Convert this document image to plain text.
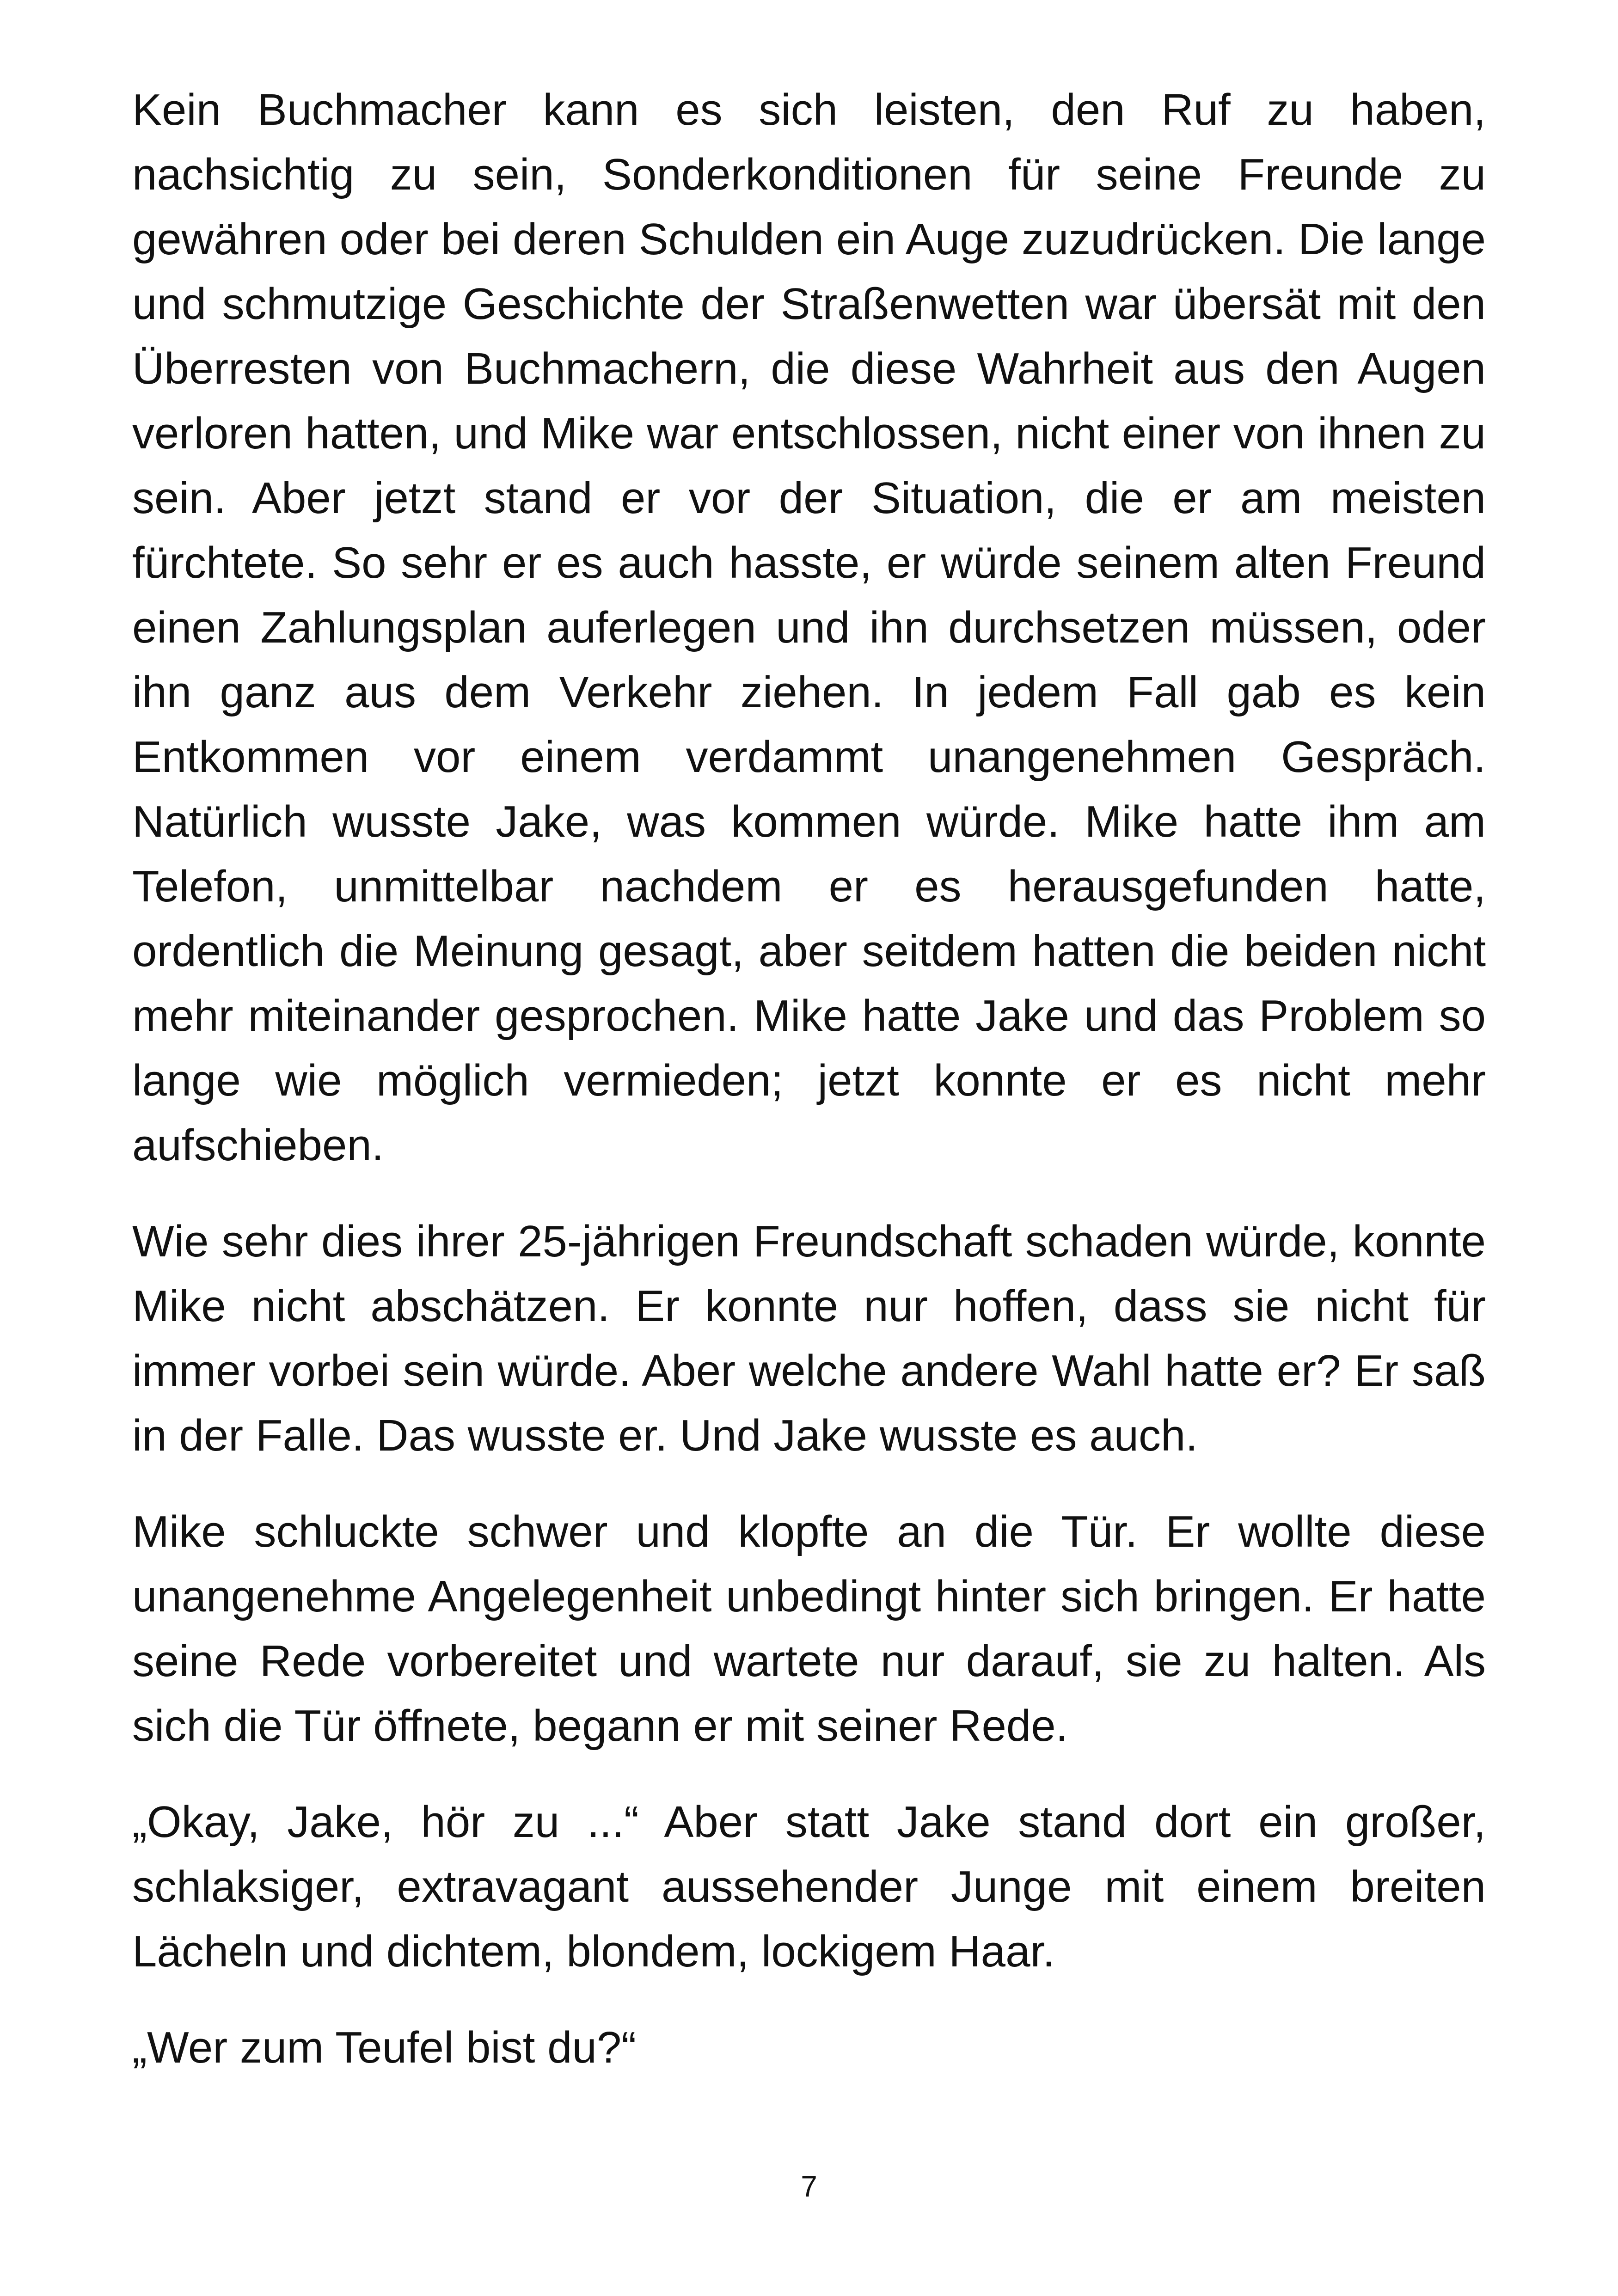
Kein Buchmacher kann es sich leisten, den Ruf zu haben, nachsichtig zu sein, Sonderkonditionen für seine Freunde zu gewähren oder bei deren Schulden ein Auge zuzudrücken. Die lange und schmutzige Geschichte der Straßenwetten war übersät mit den Überresten von Buchmachern, die diese Wahrheit aus den Augen verloren hatten, und Mike war entschlossen, nicht einer von ihnen zu sein. Aber jetzt stand er vor der Situation, die er am meisten fürchtete. So sehr er es auch hasste, er würde seinem alten Freund einen Zahlungsplan auferlegen und ihn durchsetzen müssen, oder ihn ganz aus dem Verkehr ziehen. In jedem Fall gab es kein Entkommen vor einem verdammt unangenehmen Gespräch. Natürlich wusste Jake, was kommen würde. Mike hatte ihm am Telefon, unmittelbar nachdem er es herausgefunden hatte, ordentlich die Meinung gesagt, aber seitdem hatten die beiden nicht mehr miteinander gesprochen. Mike hatte Jake und das Problem so lange wie möglich vermieden; jetzt konnte er es nicht mehr aufschieben.

Wie sehr dies ihrer 25-jährigen Freundschaft schaden würde, konnte Mike nicht abschätzen. Er konnte nur hoffen, dass sie nicht für immer vorbei sein würde. Aber welche andere Wahl hatte er? Er saß in der Falle. Das wusste er. Und Jake wusste es auch.

Mike schluckte schwer und klopfte an die Tür. Er wollte diese unangenehme Angelegenheit unbedingt hinter sich bringen. Er hatte seine Rede vorbereitet und wartete nur darauf, sie zu halten. Als sich die Tür öffnete, begann er mit seiner Rede.

„Okay, Jake, hör zu ...“ Aber statt Jake stand dort ein großer, schlaksiger, extravagant aussehender Junge mit einem breiten Lächeln und dichtem, blondem, lockigem Haar.

„Wer zum Teufel bist du?“

7
